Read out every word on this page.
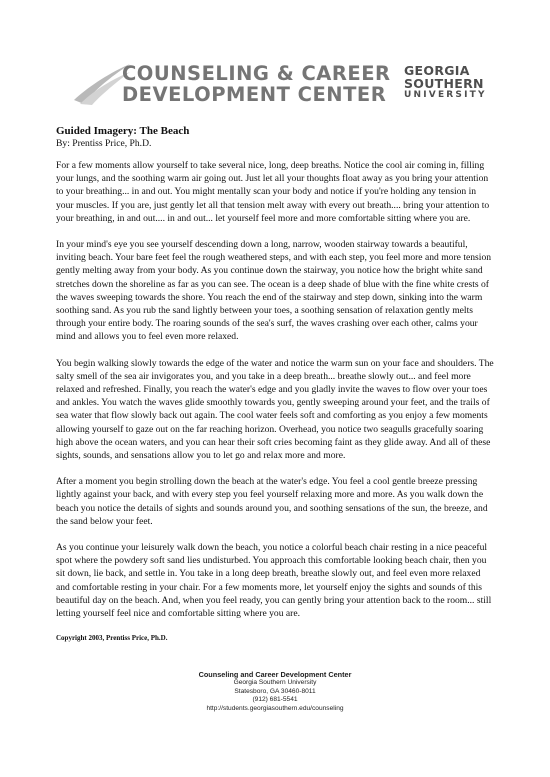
COUNSELING & CAREER
DEVELOPMENT CENTER
GEORGIA
SOUTHERN
UNIVERSITY

Guided Imagery: The Beach

By: Prentiss Price, Ph.D.

For a few moments allow yourself to take several nice, long, deep breaths. Notice the cool air coming in, filling your lungs, and the soothing warm air going out. Just let all your thoughts float away as you bring your attention to your breathing... in and out. You might mentally scan your body and notice if you're holding any tension in your muscles. If you are, just gently let all that tension melt away with every out breath.... bring your attention to your breathing, in and out.... in and out... let yourself feel more and more comfortable sitting where you are.

In your mind's eye you see yourself descending down a long, narrow, wooden stairway towards a beautiful, inviting beach. Your bare feet feel the rough weathered steps, and with each step, you feel more and more tension gently melting away from your body. As you continue down the stairway, you notice how the bright white sand stretches down the shoreline as far as you can see. The ocean is a deep shade of blue with the fine white crests of the waves sweeping towards the shore. You reach the end of the stairway and step down, sinking into the warm soothing sand. As you rub the sand lightly between your toes, a soothing sensation of relaxation gently melts through your entire body. The roaring sounds of the sea's surf, the waves crashing over each other, calms your mind and allows you to feel even more relaxed.

You begin walking slowly towards the edge of the water and notice the warm sun on your face and shoulders. The salty smell of the sea air invigorates you, and you take in a deep breath... breathe slowly out... and feel more relaxed and refreshed. Finally, you reach the water's edge and you gladly invite the waves to flow over your toes and ankles. You watch the waves glide smoothly towards you, gently sweeping around your feet, and the trails of sea water that flow slowly back out again. The cool water feels soft and comforting as you enjoy a few moments allowing yourself to gaze out on the far reaching horizon. Overhead, you notice two seagulls gracefully soaring high above the ocean waters, and you can hear their soft cries becoming faint as they glide away. And all of these sights, sounds, and sensations allow you to let go and relax more and more.

After a moment you begin strolling down the beach at the water's edge. You feel a cool gentle breeze pressing lightly against your back, and with every step you feel yourself relaxing more and more. As you walk down the beach you notice the details of sights and sounds around you, and soothing sensations of the sun, the breeze, and the sand below your feet.

As you continue your leisurely walk down the beach, you notice a colorful beach chair resting in a nice peaceful spot where the powdery soft sand lies undisturbed. You approach this comfortable looking beach chair, then you sit down, lie back, and settle in. You take in a long deep breath, breathe slowly out, and feel even more relaxed and comfortable resting in your chair. For a few moments more, let yourself enjoy the sights and sounds of this beautiful day on the beach. And, when you feel ready, you can gently bring your attention back to the room... still letting yourself feel nice and comfortable sitting where you are.

Copyright 2003, Prentiss Price, Ph.D.

Counseling and Career Development Center
Georgia Southern University
Statesboro, GA 30460-8011
(912) 681-5541
http://students.georgiasouthern.edu/counseling
